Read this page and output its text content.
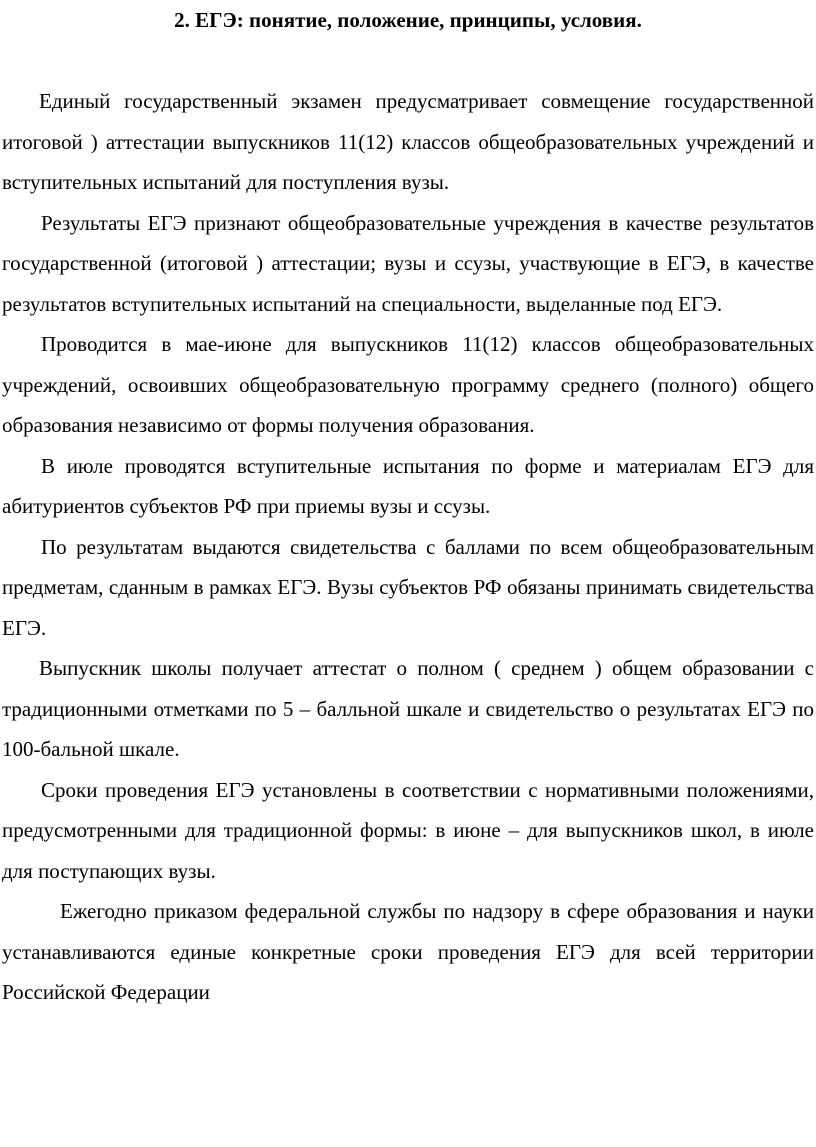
2. ЕГЭ: понятие, положение, принципы, условия.

Единый государственный экзамен предусматривает совмещение государственной итоговой ) аттестации выпускников 11(12) классов общеобразовательных учреждений и вступительных испытаний для поступления вузы.

Результаты ЕГЭ признают общеобразовательные учреждения в качестве результатов государственной (итоговой ) аттестации; вузы и ссузы, участвующие в ЕГЭ, в качестве результатов вступительных испытаний на специальности, выделанные под ЕГЭ.

Проводится в мае-июне для выпускников 11(12) классов общеобразовательных учреждений, освоивших общеобразовательную программу среднего (полного) общего образования независимо от формы получения образования.

В июле проводятся вступительные испытания по форме и материалам ЕГЭ для абитуриентов субъектов РФ при приемы вузы и ссузы.

По результатам выдаются свидетельства с баллами по всем общеобразовательным предметам, сданным в рамках ЕГЭ. Вузы субъектов РФ обязаны принимать свидетельства ЕГЭ.

Выпускник школы получает аттестат о полном ( среднем ) общем образовании с традиционными отметками по 5 – балльной шкале и свидетельство о результатах ЕГЭ по 100-бальной шкале.

Сроки проведения ЕГЭ установлены в соответствии с нормативными положениями, предусмотренными для традиционной формы: в июне – для выпускников школ, в июле для поступающих вузы.

Ежегодно приказом федеральной службы по надзору в сфере образования и науки устанавливаются единые конкретные сроки проведения ЕГЭ для всей территории Российской Федерации
